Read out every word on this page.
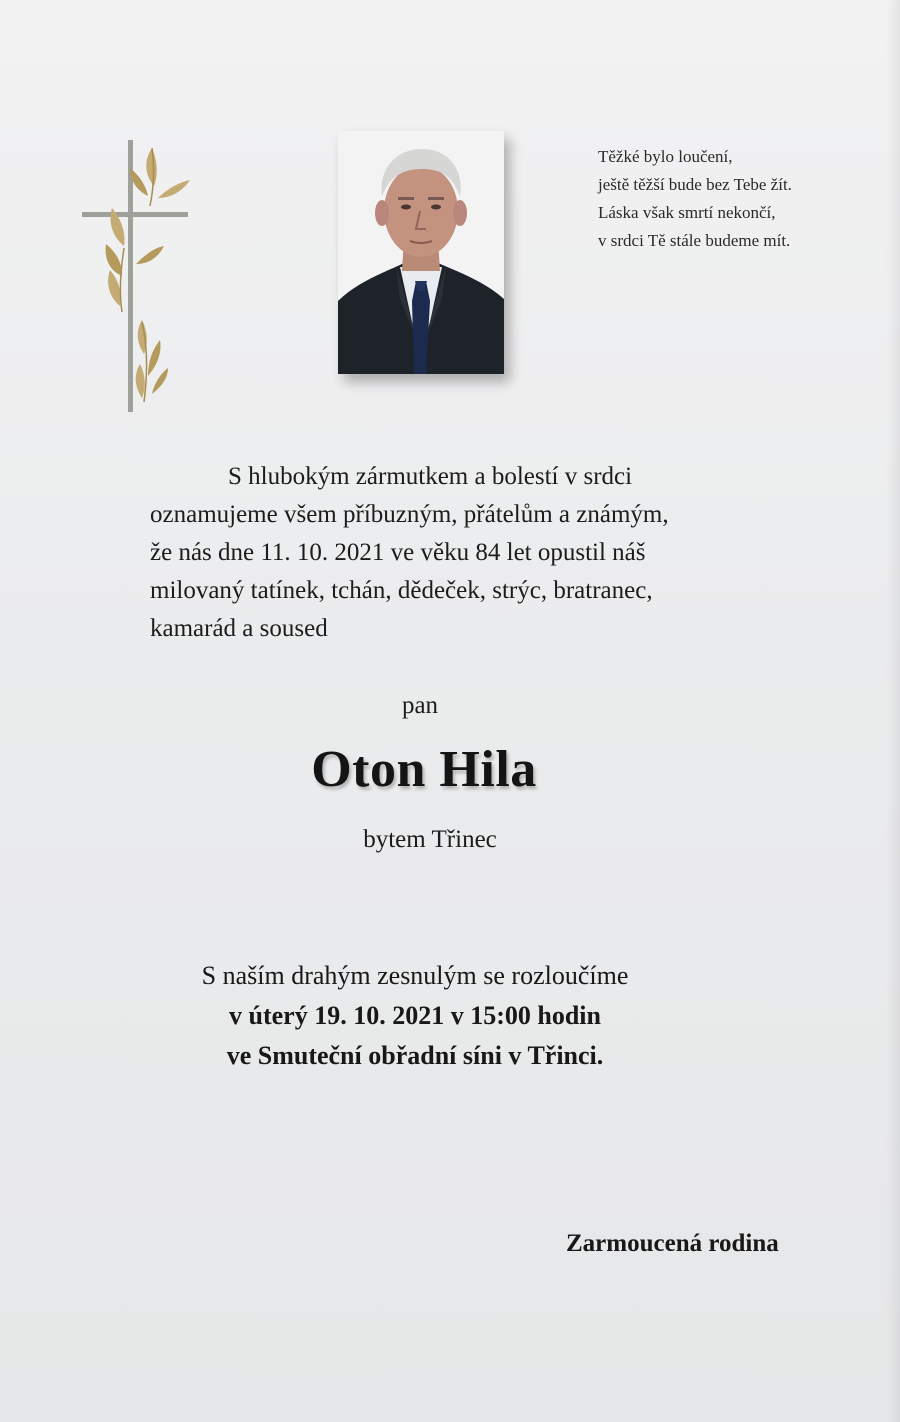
Těžké bylo loučení,
ještě těžší bude bez Tebe žít.
Láska však smrtí nekončí,
v srdci Tě stále budeme mít.
S hlubokým zármutkem a bolestí v srdci
oznamujeme všem příbuzným, přátelům a známým,
že nás dne 11. 10. 2021 ve věku 84 let opustil náš
milovaný tatínek, tchán, dědeček, strýc, bratranec,
kamarád a soused
pan
Oton Hila
bytem Třinec
S naším drahým zesnulým se rozloučíme
v úterý 19. 10. 2021 v 15:00 hodin
ve Smuteční obřadní síni v Třinci.
Zarmoucená rodina
